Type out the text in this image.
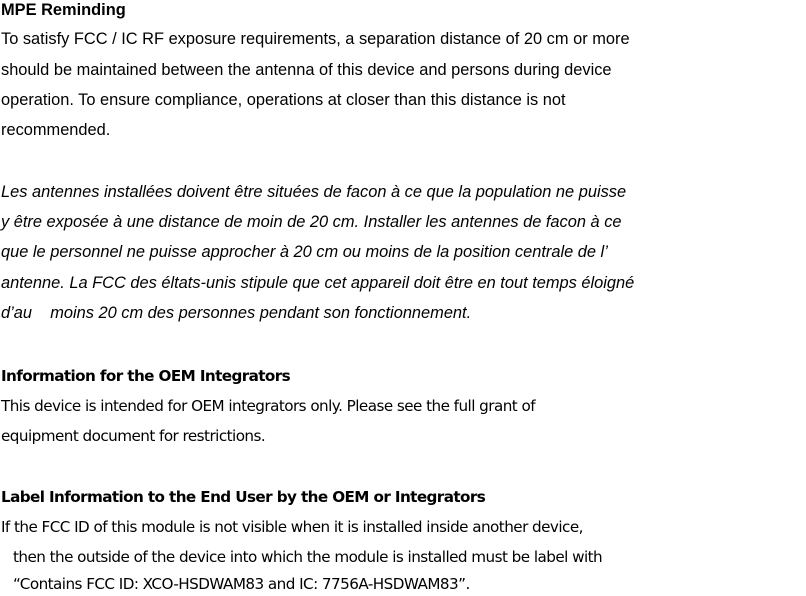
MPE Reminding
To satisfy FCC / IC RF exposure requirements, a separation distance of 20 cm or more
should be maintained between the antenna of this device and persons during device
operation. To ensure compliance, operations at closer than this distance is not
recommended.
Les antennes installées doivent être situées de facon à ce que la population ne puisse
y être exposée à une distance de moin de 20 cm. Installer les antennes de facon à ce
que le personnel ne puisse approcher à 20 cm ou moins de la position centrale de l’
antenne. La FCC des éltats-unis stipule que cet appareil doit être en tout temps éloigné
d’au    moins 20 cm des personnes pendant son fonctionnement.
Information for the OEM Integrators
This device is intended for OEM integrators only. Please see the full grant of
equipment document for restrictions.
Label Information to the End User by the OEM or Integrators
If the FCC ID of this module is not visible when it is installed inside another device,
then the outside of the device into which the module is installed must be label with
“Contains FCC ID: XCO-HSDWAM83 and IC: 7756A-HSDWAM83”.
